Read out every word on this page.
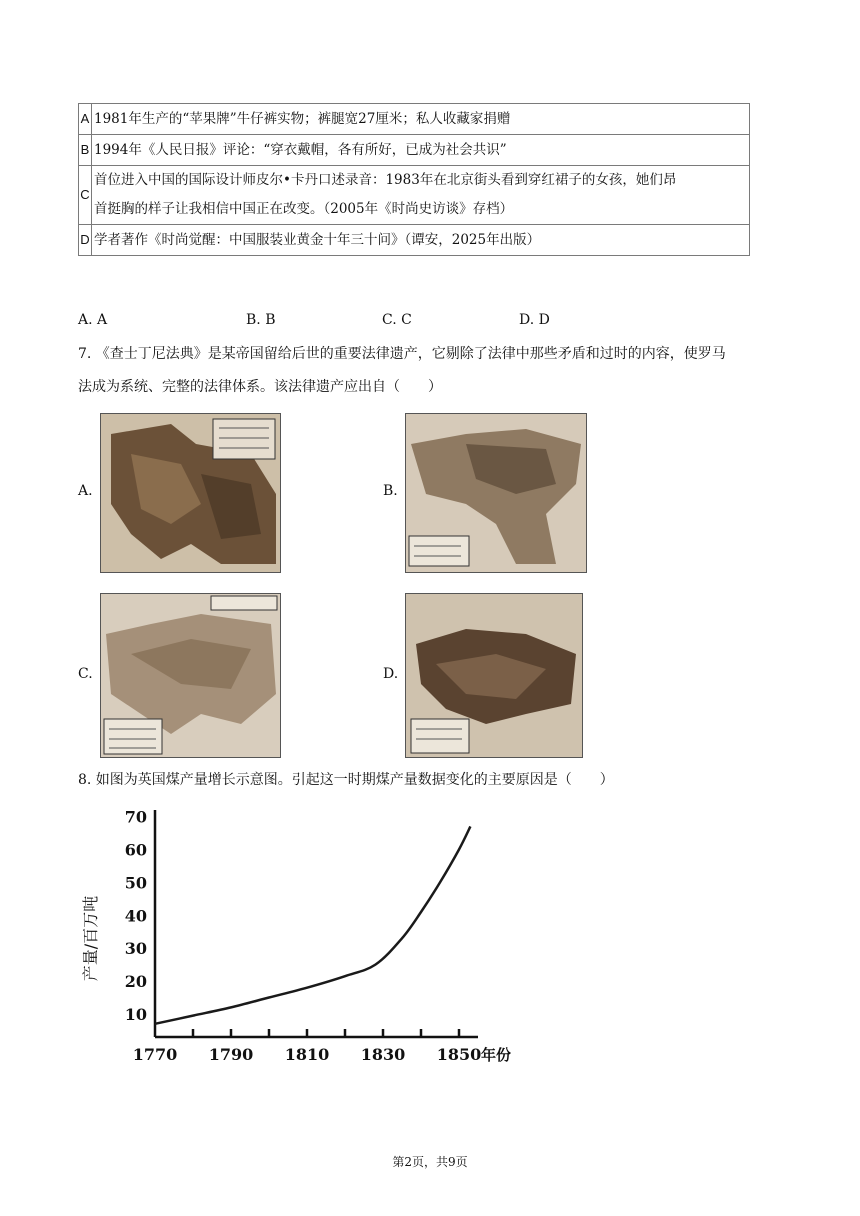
A	1981年生产的“苹果牌”牛仔裤实物；裤腿宽27厘米；私人收藏家捐赠
B	1994年《人民日报》评论：“穿衣戴帽，各有所好，已成为社会共识”
C	首位进入中国的国际设计师皮尔•卡丹口述录音：1983年在北京街头看到穿红裙子的女孩，她们昂
首挺胸的样子让我相信中国正在改变。（2005年《时尚史访谈》存档）

D	学者著作《时尚觉醒：中国服装业黄金十年三十问》（谭安，2025年出版）
A. A	B. B	C. C	D. D
7. 《查士丁尼法典》是某帝国留给后世的重要法律遗产，它剔除了法律中那些矛盾和过时的内容，使罗马
法成为系统、完整的法律体系。该法律遗产应出自（　　）
A.	B.
C.	D.
8. 如图为英国煤产量增长示意图。引起这一时期煤产量数据变化的主要原因是（　　）
1770 1790 1810 1830 1850
10
20
30
40
50
60
70
年份
产量/百万吨
第2页，共9页
